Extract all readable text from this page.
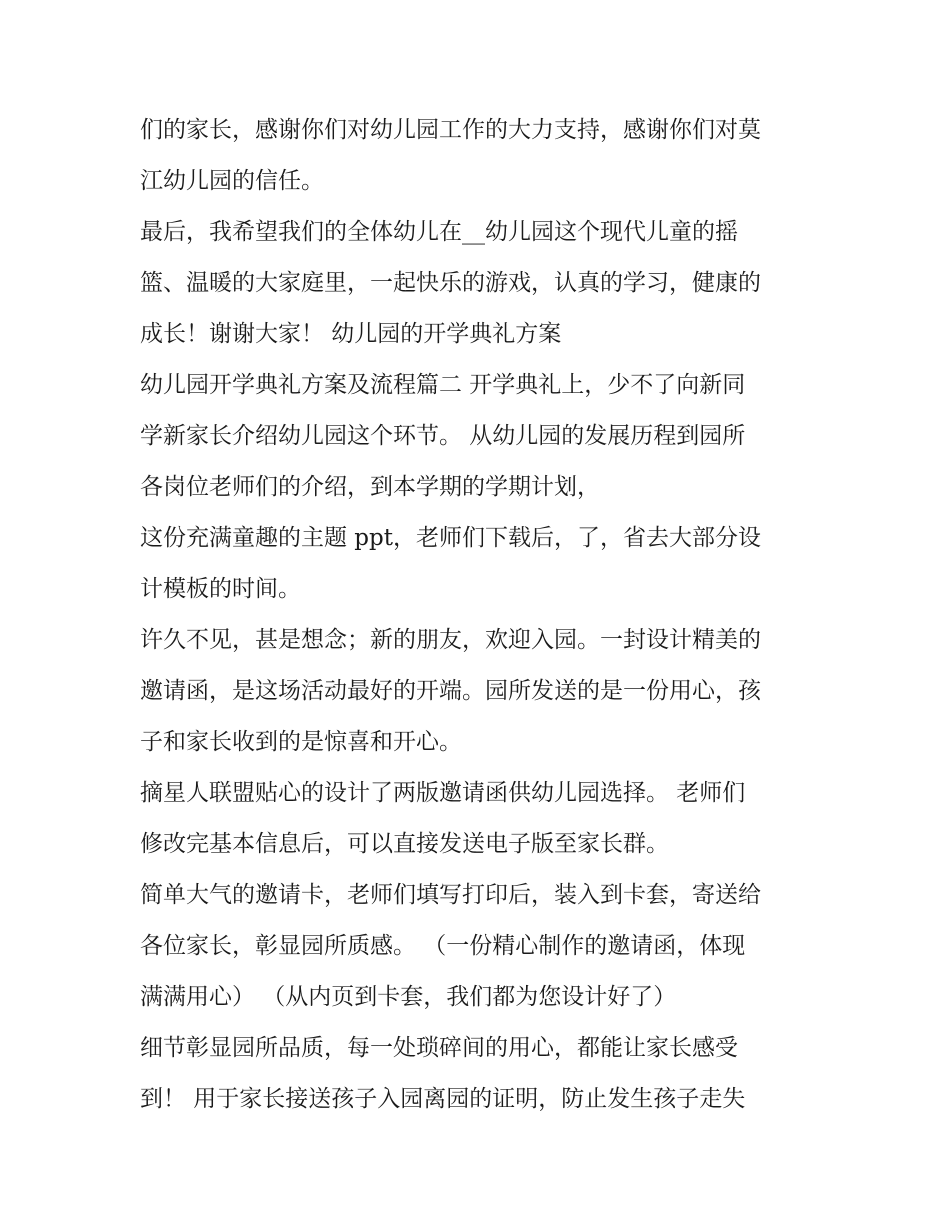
们的家长，感谢你们对幼儿园工作的大力支持，感谢你们对莫
江幼儿园的信任。
最后，我希望我们的全体幼儿在__幼儿园这个现代儿童的摇
篮、温暖的大家庭里，一起快乐的游戏，认真的学习，健康的
成长！谢谢大家！ 幼儿园的开学典礼方案
幼儿园开学典礼方案及流程篇二 开学典礼上，少不了向新同
学新家长介绍幼儿园这个环节。 从幼儿园的发展历程到园所
各岗位老师们的介绍，到本学期的学期计划，
这份充满童趣的主题 ppt，老师们下载后，了，省去大部分设
计模板的时间。
许久不见，甚是想念；新的朋友，欢迎入园。一封设计精美的
邀请函，是这场活动最好的开端。园所发送的是一份用心，孩
子和家长收到的是惊喜和开心。
摘星人联盟贴心的设计了两版邀请函供幼儿园选择。 老师们
修改完基本信息后，可以直接发送电子版至家长群。
简单大气的邀请卡，老师们填写打印后，装入到卡套，寄送给
各位家长，彰显园所质感。 （一份精心制作的邀请函，体现
满满用心） （从内页到卡套，我们都为您设计好了）
细节彰显园所品质，每一处琐碎间的用心，都能让家长感受
到！ 用于家长接送孩子入园离园的证明，防止发生孩子走失
